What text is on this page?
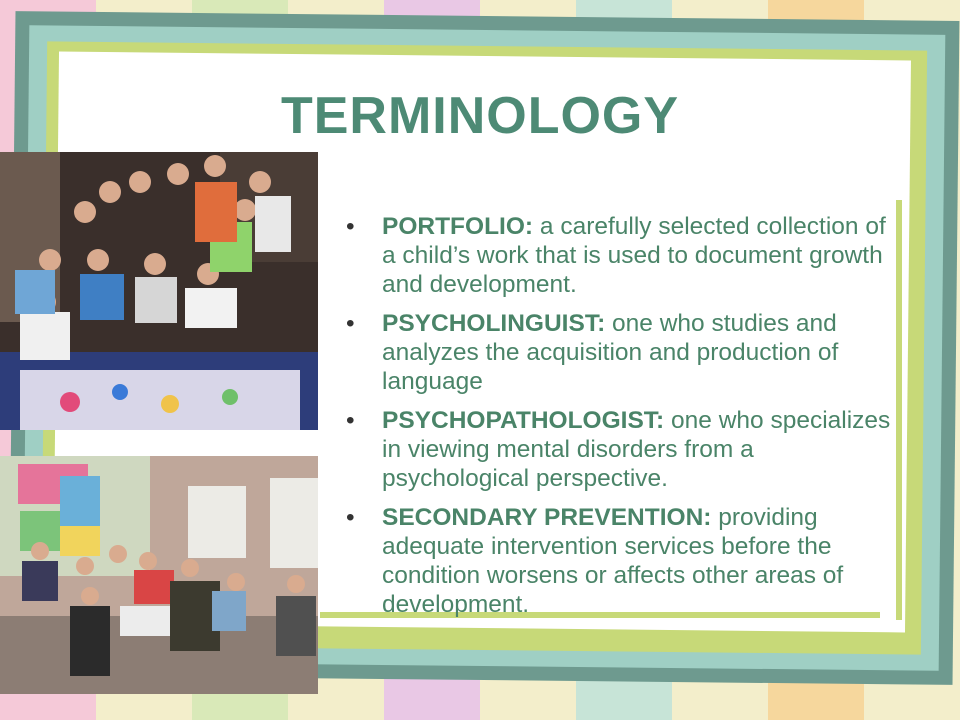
TERMINOLOGY
• PORTFOLIO: a carefully selected collection of a child’s work that is used to document growth and development.
• PSYCHOLINGUIST: one who studies and analyzes the acquisition and production of language
• PSYCHOPATHOLOGIST: one who specializes in viewing mental disorders from a psychological perspective.
• SECONDARY PREVENTION: providing adequate intervention services before the condition worsens or affects other areas of development.
